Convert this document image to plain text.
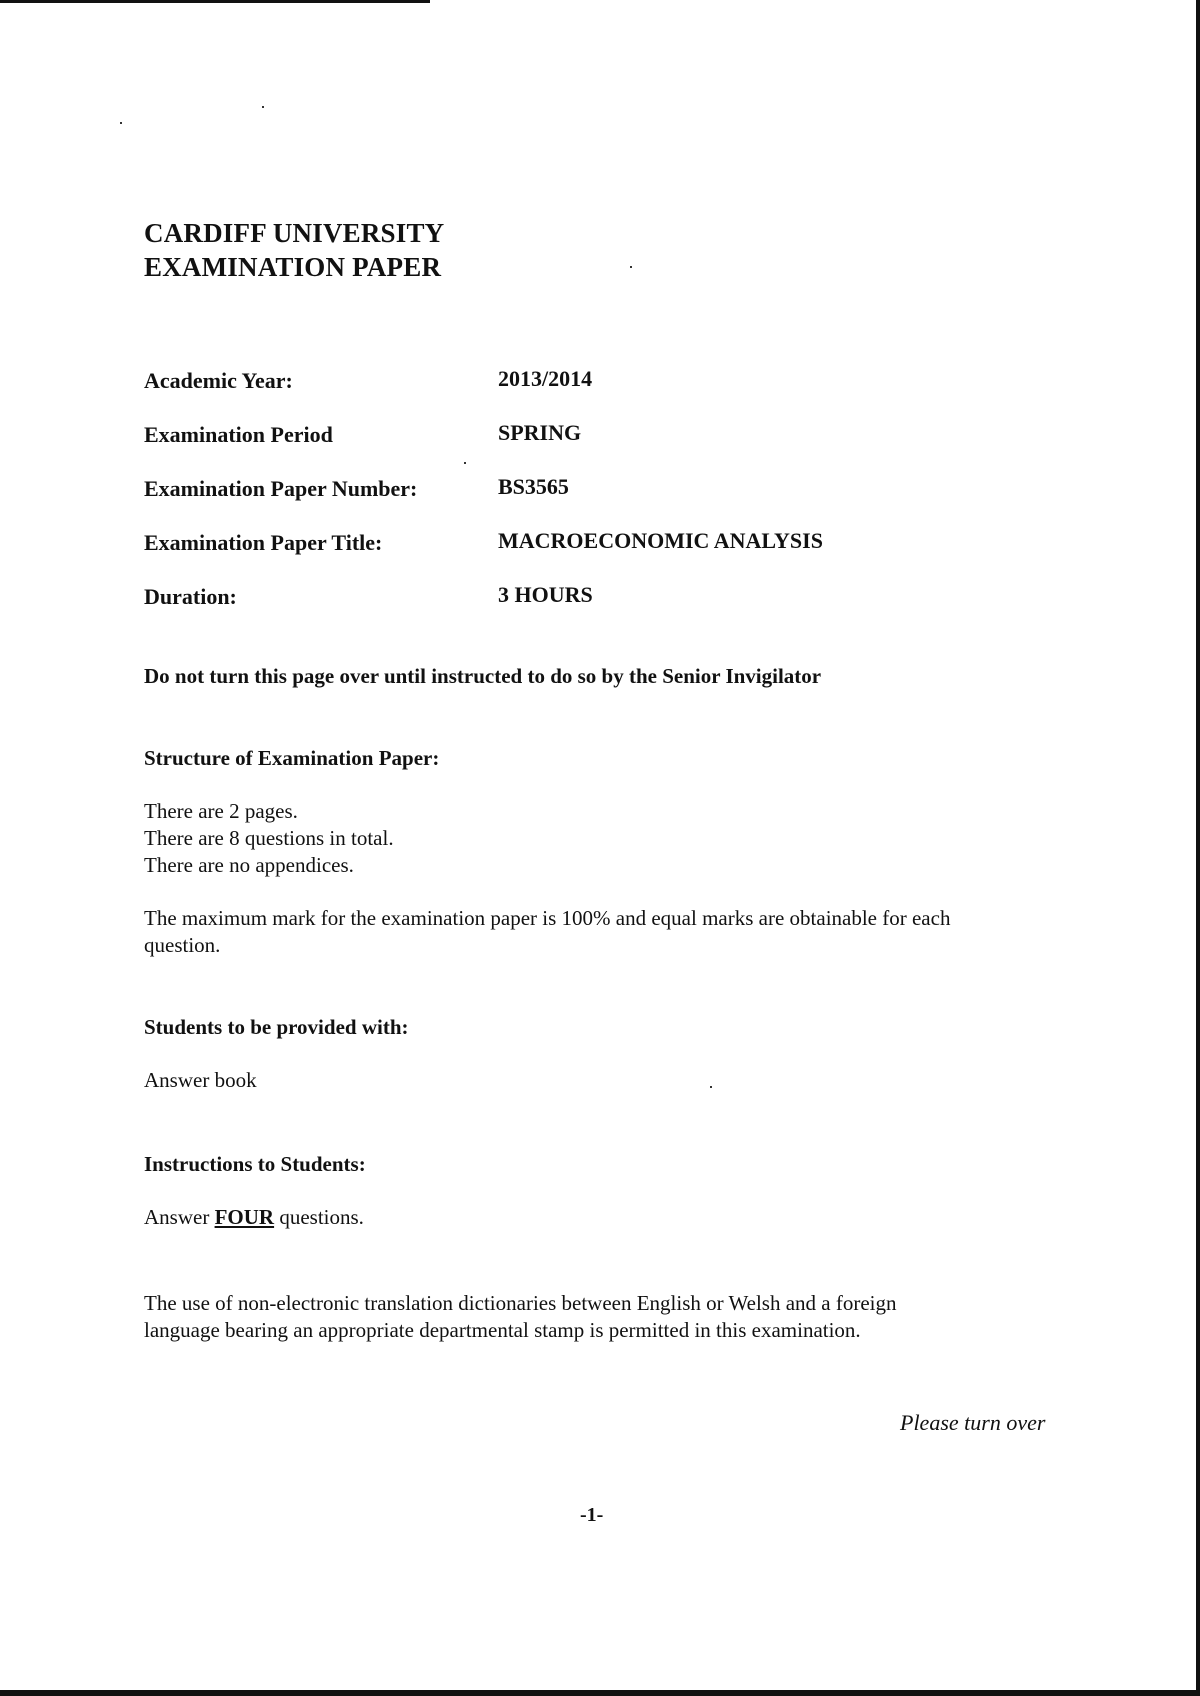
CARDIFF UNIVERSITY
EXAMINATION PAPER
Academic Year:	2013/2014
Examination Period	SPRING
Examination Paper Number:	BS3565
Examination Paper Title:	MACROECONOMIC ANALYSIS
Duration:	3 HOURS
Do not turn this page over until instructed to do so by the Senior Invigilator
Structure of Examination Paper:
There are 2 pages.
There are 8 questions in total.
There are no appendices.
The maximum mark for the examination paper is 100% and equal marks are obtainable for each
question.
Students to be provided with:
Answer book
Instructions to Students:
Answer FOUR questions.
The use of non-electronic translation dictionaries between English or Welsh and a foreign
language bearing an appropriate departmental stamp is permitted in this examination.
Please turn over
-1-
